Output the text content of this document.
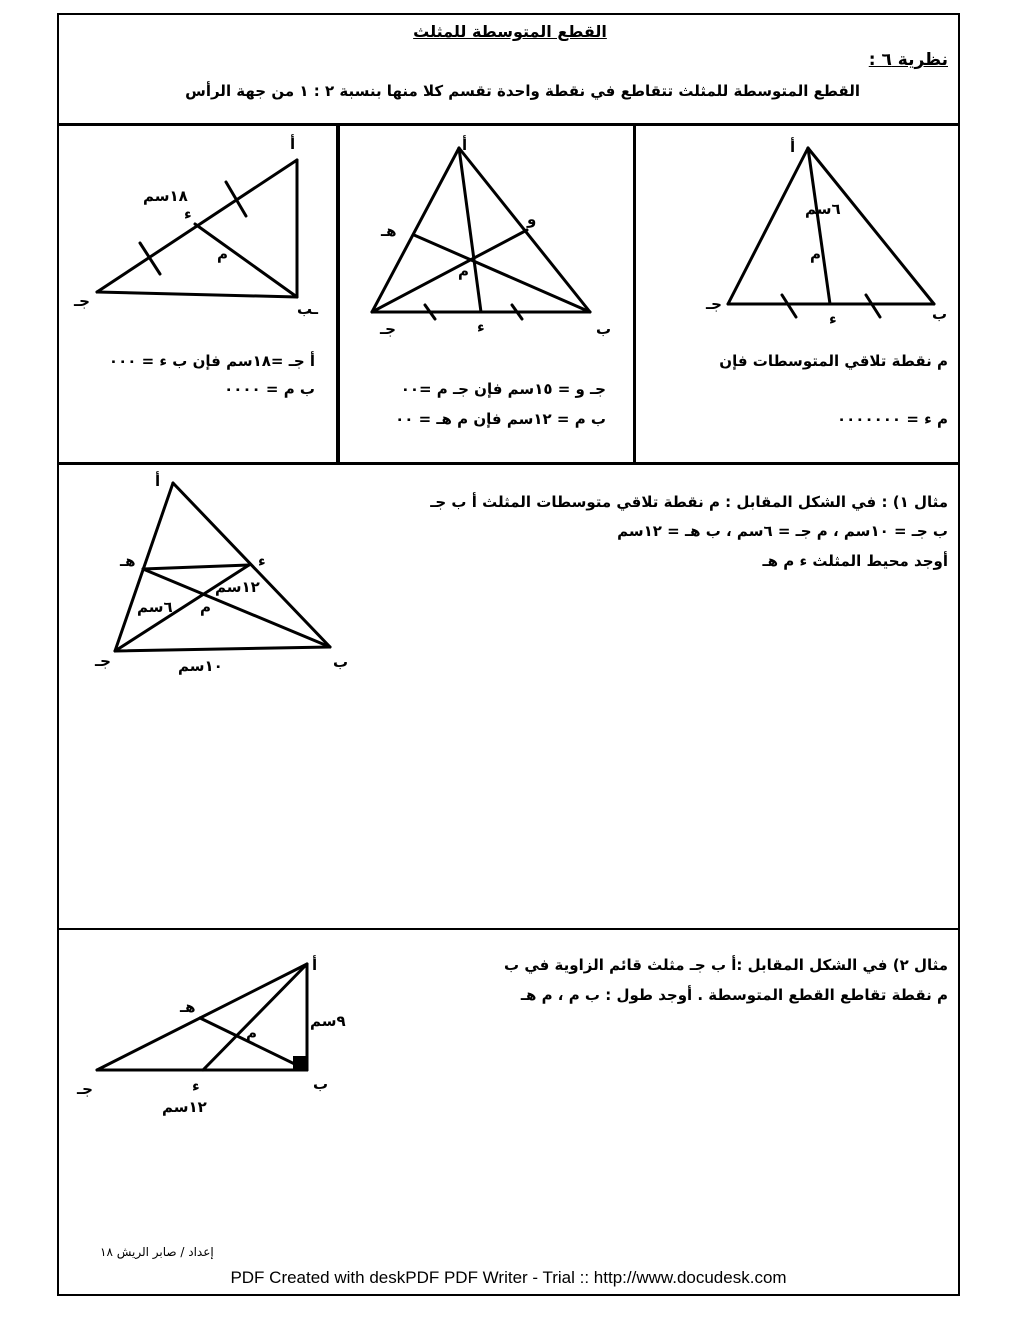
القطع المتوسطة للمثلث
نظرية ٦ :
القطع المتوسطة للمثلث تتقاطع في نقطة واحدة تقسم كلا منها بنسبة ٢ : ١ من جهة الرأس
أ
ب
جـ
ء
م
٦سم
م نقطة تلاقي المتوسطات فإن
م ء = ٠٠٠٠٠٠٠
أ
ب
جـ	ء
م
هـ
و
جـ و = ١٥سم فإن جـ م =٠٠
ب م = ١٢سم فإن م هـ = ٠٠
أ
ـب
جـ
ء
م
١٨سم
أ جـ =١٨سم فإن ب ء = ٠٠٠
ب م = ٠٠٠٠
مثال ١) : في الشكل المقابل : م نقطة تلاقي متوسطات المثلث أ ب جـ
ب جـ = ١٠سم ، م جـ = ٦سم ، ب هـ = ١٢سم
أوجد محيط المثلث ء م هـ
أ
ب
جـ
ء
هـ
م
١٢سم
٦سم
١٠سم
مثال ٢) في الشكل المقابل :أ ب جـ مثلث قائم الزاوية في ب
م نقطة تقاطع القطع المتوسطة . أوجد طول : ب م ، م هـ
أ
ب
جـ	ء
هـ
م
٩سم
١٢سم
إعداد / صابر الريش ١٨
PDF Created with deskPDF PDF Writer - Trial :: http://www.docudesk.com
